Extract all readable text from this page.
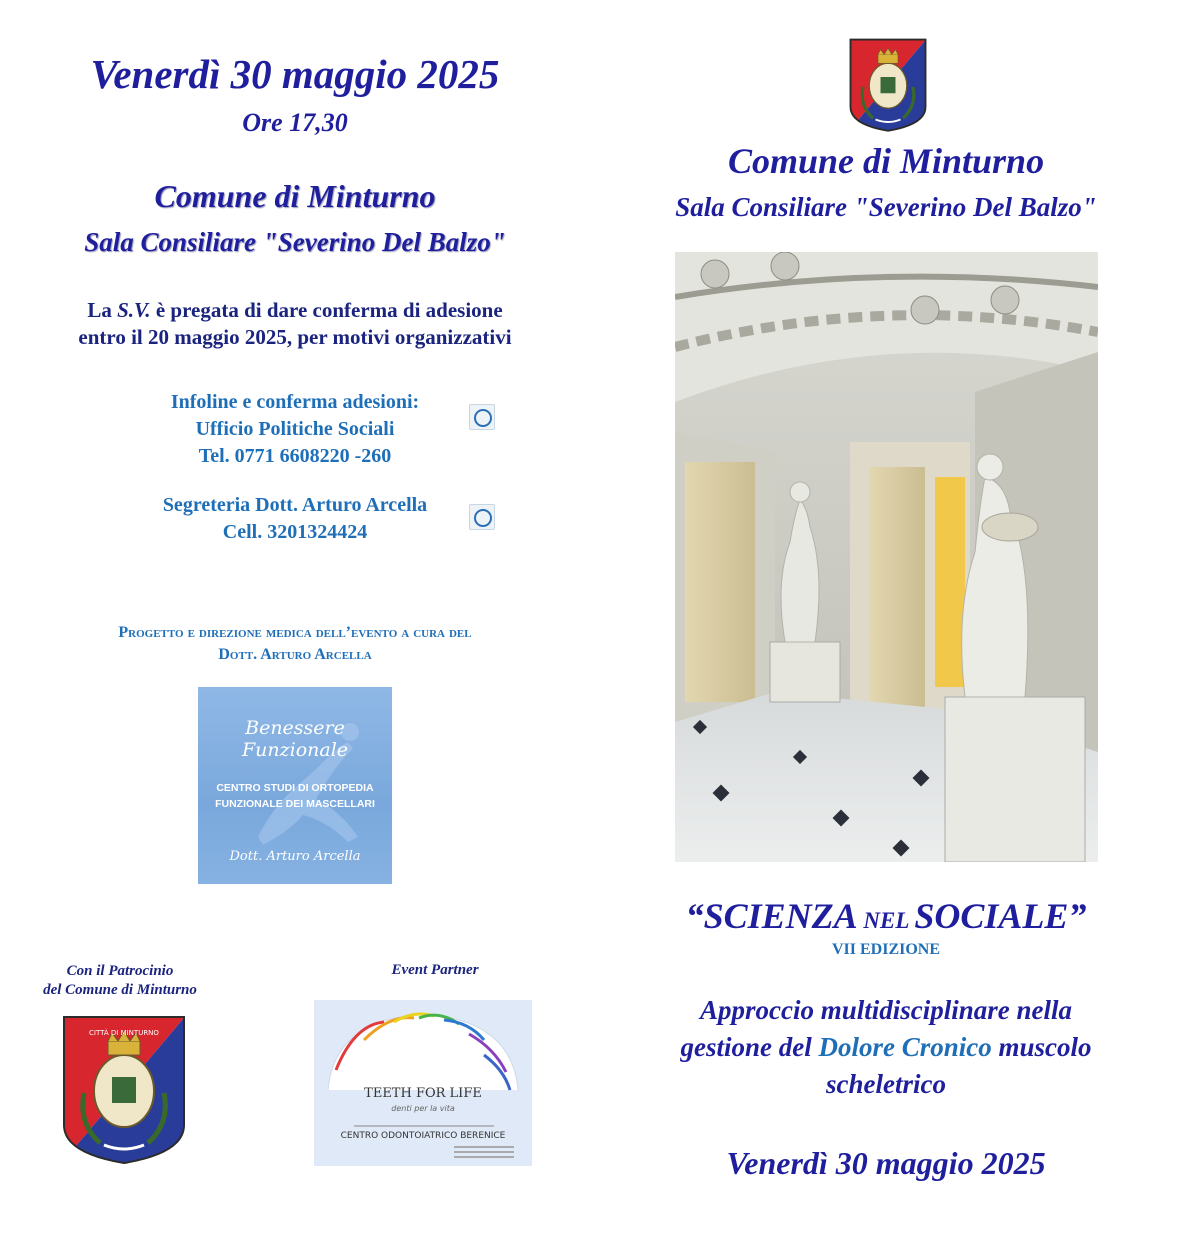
Venerdì 30 maggio 2025
Ore 17,30
Comune di Minturno
Sala Consiliare "Severino Del Balzo"
La S.V. è pregata di dare conferma di adesione
entro il 20 maggio 2025, per motivi organizzativi
Infoline e conferma adesioni:
Ufficio Politiche Sociali
Tel. 0771 6608220 -260
Segreteria Dott. Arturo Arcella
Cell. 3201324424
Progetto e direzione medica dell’evento a cura del
Dott. Arturo Arcella
Benessere Funzionale
CENTRO STUDI DI ORTOPEDIA
FUNZIONALE DEI MASCELLARI
Dott. Arturo Arcella
Con il Patrocinio
del Comune di Minturno
Event Partner
CITTÀ DI MINTURNO
TEETH FOR LIFE
denti per la vita
CENTRO ODONTOIATRICO BERENICE
Comune di Minturno
Sala Consiliare "Severino Del Balzo"
“SCIENZA NEL SOCIALE”
VII EDIZIONE
Approccio multidisciplinare nella
gestione del Dolore Cronico muscolo
scheletrico
Venerdì 30 maggio 2025
